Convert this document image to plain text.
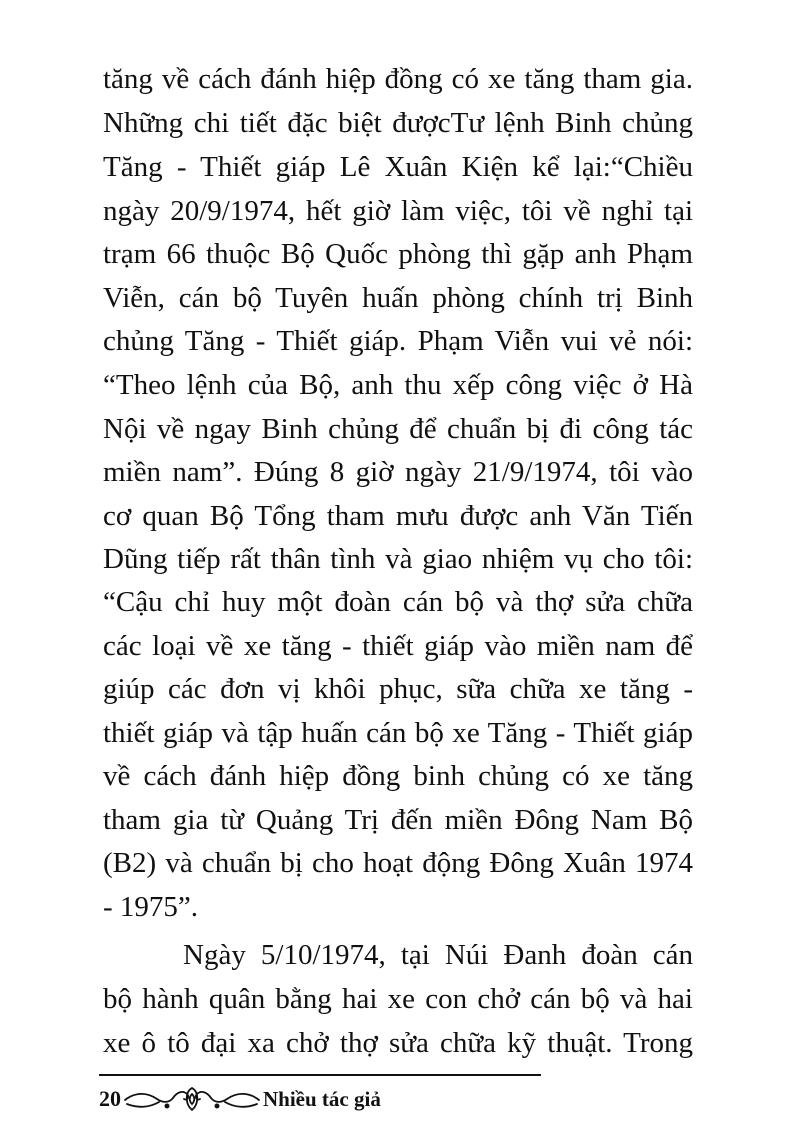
tăng về cách đánh hiệp đồng có xe tăng tham gia.
Những chi tiết đặc biệt đượcTư lệnh Binh chủng
Tăng - Thiết giáp Lê Xuân Kiện kể lại:“Chiều
ngày 20/9/1974, hết giờ làm việc, tôi về nghỉ tại
trạm 66 thuộc Bộ Quốc phòng thì gặp anh Phạm
Viễn, cán bộ Tuyên huấn phòng chính trị Binh
chủng Tăng - Thiết giáp. Phạm Viễn vui vẻ nói:
“Theo lệnh của Bộ, anh thu xếp công việc ở Hà
Nội về ngay Binh chủng để chuẩn bị đi công tác
miền nam”. Đúng 8 giờ ngày 21/9/1974, tôi vào
cơ quan Bộ Tổng tham mưu được anh Văn Tiến
Dũng tiếp rất thân tình và giao nhiệm vụ cho tôi:
“Cậu chỉ huy một đoàn cán bộ và thợ sửa chữa
các loại về xe tăng - thiết giáp vào miền nam để
giúp các đơn vị khôi phục, sữa chữa xe tăng -
thiết giáp và tập huấn cán bộ xe Tăng - Thiết giáp
về cách đánh hiệp đồng binh chủng có xe tăng
tham gia từ Quảng Trị đến miền Đông Nam Bộ
(B2) và chuẩn bị cho hoạt động Đông Xuân 1974
- 1975”.
Ngày 5/10/1974, tại Núi Đanh đoàn cán
bộ hành quân bằng hai xe con chở cán bộ và hai
xe ô tô đại xa chở thợ sửa chữa kỹ thuật. Trong
20	Nhiều tác giả
